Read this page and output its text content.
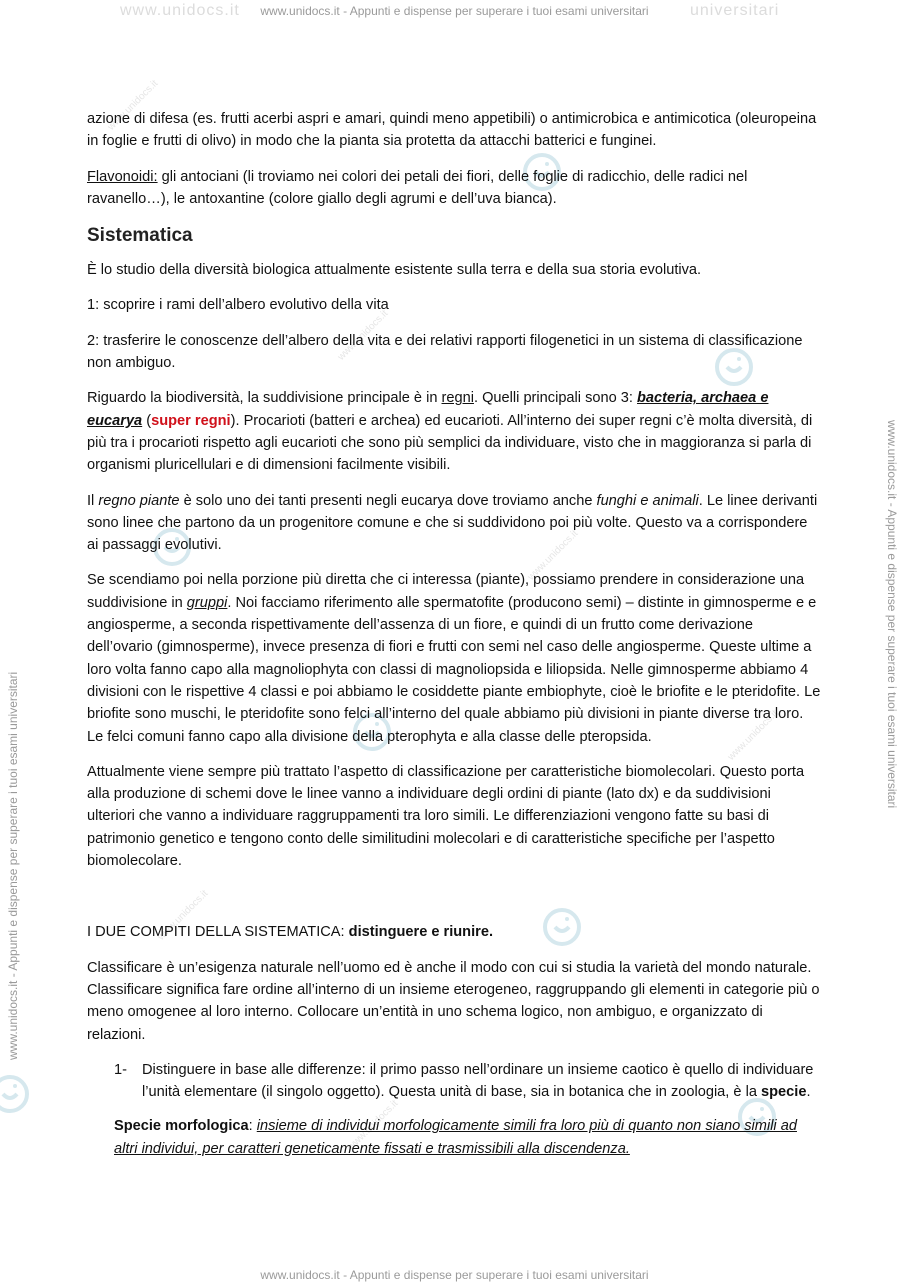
www.unidocs.it - Appunti e dispense per superare i tuoi esami universitari
www.unidocs.it - Appunti e dispense per superare i tuoi esami universitari
www.unidocs.it - Appunti e dispense per superare i tuoi esami universitari
www.unidocs.it - Appunti e dispense per superare i tuoi esami universitari
www.unidocs.it	universitari
www.unidocs.it
www.unidocs.it
www.unidocs.it
www.unidocs.it
www.unidocs.it
www.unidocs.it

azione di difesa (es. frutti acerbi aspri e amari, quindi meno appetibili) o antimicrobica e antimicotica (oleuropeina in foglie e frutti di olivo) in modo che la pianta sia protetta da attacchi batterici e funginei.

Flavonoidi: gli antociani (li troviamo nei colori dei petali dei fiori, delle foglie di radicchio, delle radici nel ravanello…), le antoxantine (colore giallo degli agrumi e dell’uva bianca).

Sistematica

È lo studio della diversità biologica attualmente esistente sulla terra e della sua storia evolutiva.

1: scoprire i rami dell’albero evolutivo della vita

2: trasferire le conoscenze dell’albero della vita e dei relativi rapporti filogenetici in un sistema di classificazione non ambiguo.

Riguardo la biodiversità, la suddivisione principale è in regni. Quelli principali sono 3: bacteria, archaea e eucarya (super regni). Procarioti (batteri e archea) ed eucarioti. All’interno dei super regni c’è molta diversità, di più tra i procarioti rispetto agli eucarioti che sono più semplici da individuare, visto che in maggioranza si parla di organismi pluricellulari e di dimensioni facilmente visibili.

Il regno piante è solo uno dei tanti presenti negli eucarya dove troviamo anche funghi e animali. Le linee derivanti sono linee che partono da un progenitore comune e che si suddividono poi più volte. Questo va a corrispondere ai passaggi evolutivi.

Se scendiamo poi nella porzione più diretta che ci interessa (piante), possiamo prendere in considerazione una suddivisione in gruppi. Noi facciamo riferimento alle spermatofite (producono semi) – distinte in gimnosperme e e angiosperme, a seconda rispettivamente dell’assenza di un fiore, e quindi di un frutto come derivazione dell’ovario (gimnosperme), invece presenza di fiori e frutti con semi nel caso delle angiosperme. Queste ultime a loro volta fanno capo alla magnoliophyta con classi di magnoliopsida e liliopsida. Nelle gimnosperme abbiamo 4 divisioni con le rispettive 4 classi e poi abbiamo le cosiddette piante embiophyte, cioè le briofite e le pteridofite. Le briofite sono muschi, le pteridofite sono felci all’interno del quale abbiamo più divisioni in piante diverse tra loro. Le felci comuni fanno capo alla divisione della pterophyta e alla classe delle pteropsida.

Attualmente viene sempre più trattato l’aspetto di classificazione per caratteristiche biomolecolari. Questo porta alla produzione di schemi dove le linee vanno a individuare degli ordini di piante (lato dx) e da suddivisioni ulteriori che vanno a individuare raggruppamenti tra loro simili. Le differenziazioni vengono fatte su basi di patrimonio genetico e tengono conto delle similitudini molecolari e di caratteristiche specifiche per l’aspetto biomolecolare.

I DUE COMPITI DELLA SISTEMATICA: distinguere e riunire.

Classificare è un’esigenza naturale nell’uomo ed è anche il modo con cui si studia la varietà del mondo naturale. Classificare significa fare ordine all’interno di un insieme eterogeneo, raggruppando gli elementi in categorie più o meno omogenee al loro interno. Collocare un’entità in uno schema logico, non ambiguo, e organizzato di relazioni.

1-	Distinguere in base alle differenze: il primo passo nell’ordinare un insieme caotico è quello di individuare l’unità elementare (il singolo oggetto). Questa unità di base, sia in botanica che in zoologia, è la specie.

Specie morfologica: insieme di individui morfologicamente simili fra loro più di quanto non siano simili ad altri individui, per caratteri geneticamente fissati e trasmissibili alla discendenza.
